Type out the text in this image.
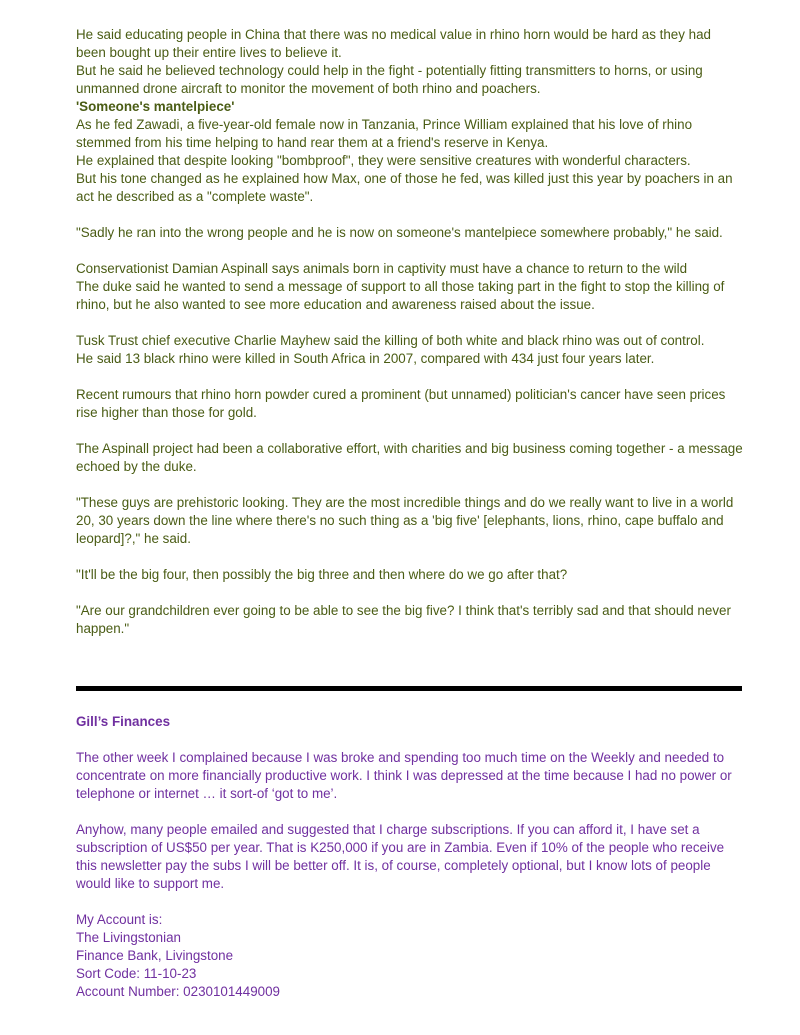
He said educating people in China that there was no medical value in rhino horn would be hard as they had been bought up their entire lives to believe it.

But he said he believed technology could help in the fight - potentially fitting transmitters to horns, or using unmanned drone aircraft to monitor the movement of both rhino and poachers.

'Someone's mantelpiece'

As he fed Zawadi, a five-year-old female now in Tanzania, Prince William explained that his love of rhino stemmed from his time helping to hand rear them at a friend's reserve in Kenya.

He explained that despite looking "bombproof", they were sensitive creatures with wonderful characters.

But his tone changed as he explained how Max, one of those he fed, was killed just this year by poachers in an act he described as a "complete waste".

"Sadly he ran into the wrong people and he is now on someone's mantelpiece somewhere probably," he said.

Conservationist Damian Aspinall says animals born in captivity must have a chance to return to the wild

The duke said he wanted to send a message of support to all those taking part in the fight to stop the killing of rhino, but he also wanted to see more education and awareness raised about the issue.

Tusk Trust chief executive Charlie Mayhew said the killing of both white and black rhino was out of control.

He said 13 black rhino were killed in South Africa in 2007, compared with 434 just four years later.

Recent rumours that rhino horn powder cured a prominent (but unnamed) politician's cancer have seen prices rise higher than those for gold.

The Aspinall project had been a collaborative effort, with charities and big business coming together - a message echoed by the duke.

"These guys are prehistoric looking. They are the most incredible things and do we really want to live in a world 20, 30 years down the line where there's no such thing as a 'big five' [elephants, lions, rhino, cape buffalo and leopard]?," he said.

"It'll be the big four, then possibly the big three and then where do we go after that?

"Are our grandchildren ever going to be able to see the big five? I think that's terribly sad and that should never happen."

Gill’s Finances

The other week I complained because I was broke and spending too much time on the Weekly and needed to concentrate on more financially productive work. I think I was depressed at the time because I had no power or telephone or internet … it sort-of ‘got to me’.

Anyhow, many people emailed and suggested that I charge subscriptions. If you can afford it, I have set a subscription of US$50 per year. That is K250,000 if you are in Zambia. Even if 10% of the people who receive this newsletter pay the subs I will be better off. It is, of course, completely optional, but I know lots of people would like to support me.

My Account is:

The Livingstonian

Finance Bank, Livingstone

Sort Code: 11-10-23

Account Number: 0230101449009
